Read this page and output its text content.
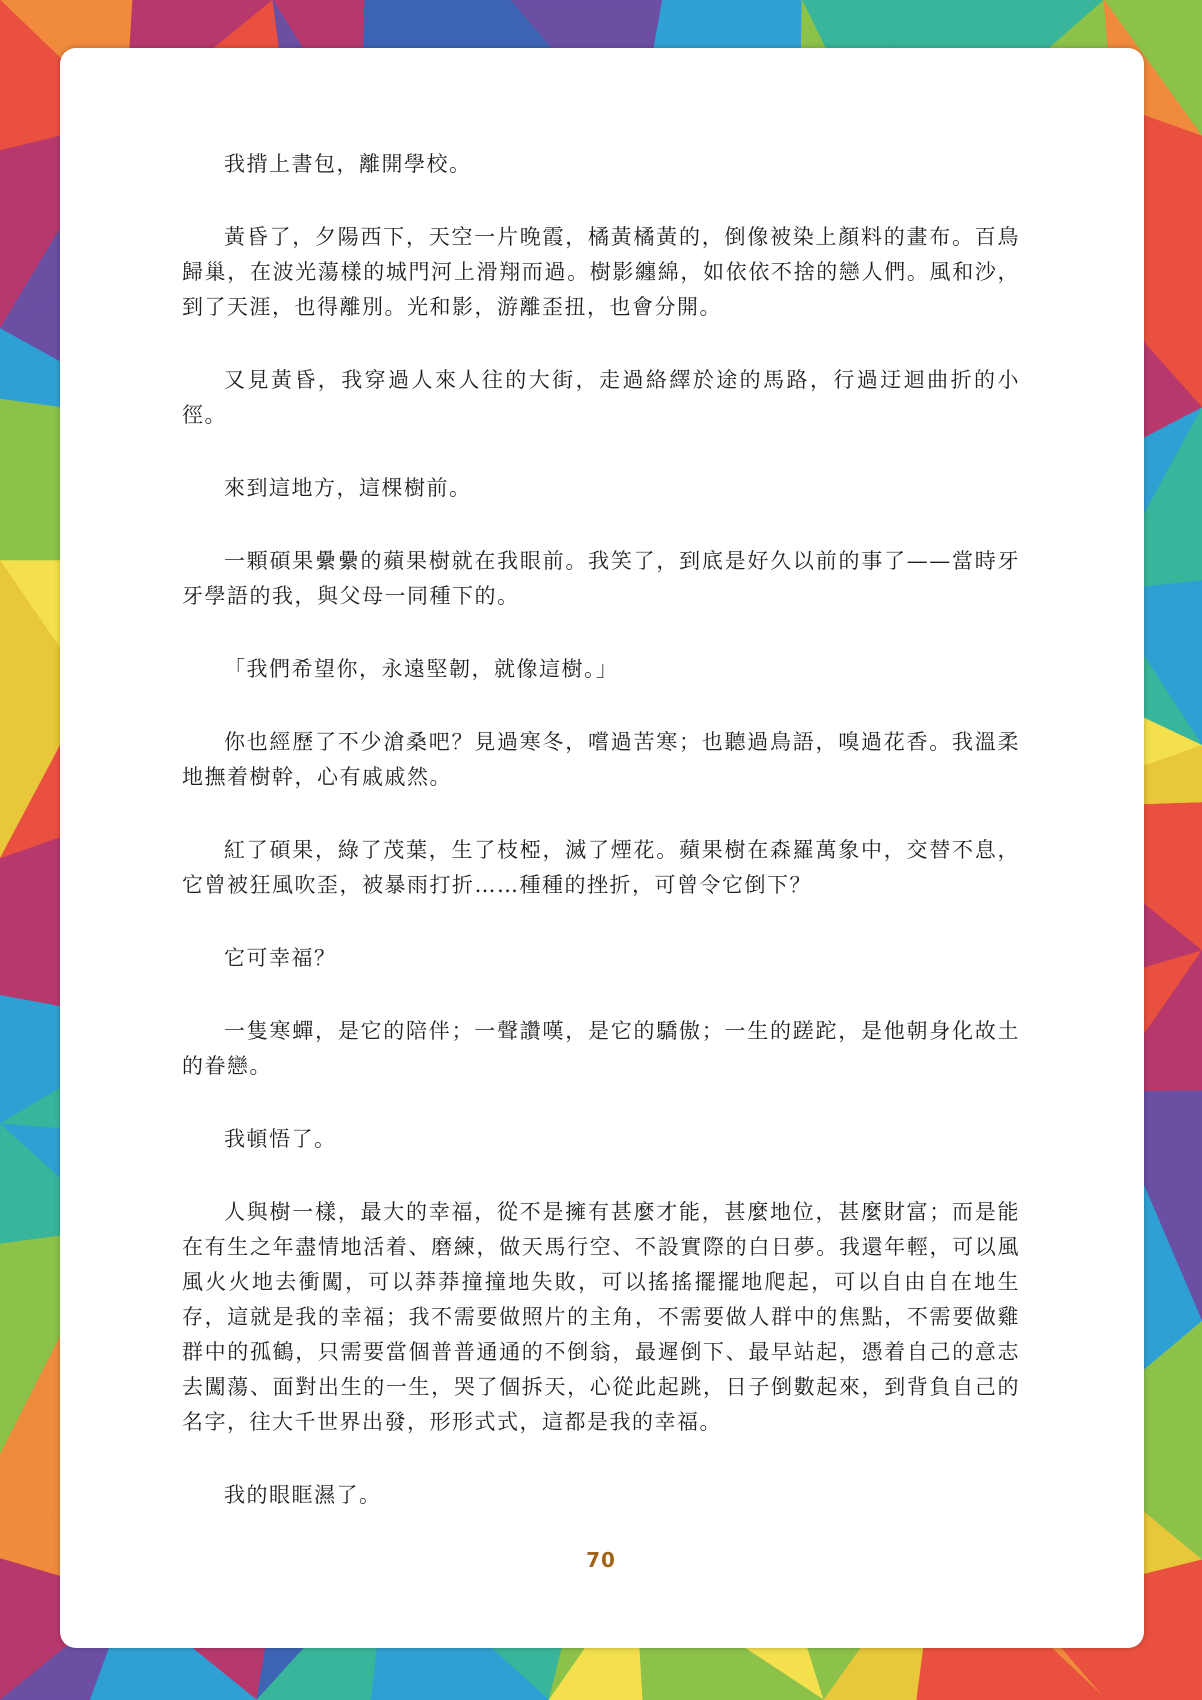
我揹上書包，離開學校。

黃昏了，夕陽西下，天空一片晚霞，橘黃橘黃的，倒像被染上顏料的畫布。百鳥歸巢，在波光蕩樣的城門河上滑翔而過。樹影纏綿，如依依不捨的戀人們。風和沙，到了天涯，也得離別。光和影，游離歪扭，也會分開。

又見黃昏，我穿過人來人往的大街，走過絡繹於途的馬路，行過迂迴曲折的小徑。

來到這地方，這棵樹前。

一顆碩果纍纍的蘋果樹就在我眼前。我笑了，到底是好久以前的事了——當時牙牙學語的我，與父母一同種下的。

「我們希望你，永遠堅韌，就像這樹。」

你也經歷了不少滄桑吧？見過寒冬，嚐過苦寒；也聽過鳥語，嗅過花香。我溫柔地撫着樹幹，心有戚戚然。

紅了碩果，綠了茂葉，生了枝椏，滅了煙花。蘋果樹在森羅萬象中，交替不息，它曾被狂風吹歪，被暴雨打折……種種的挫折，可曾令它倒下？

它可幸福？

一隻寒蟬，是它的陪伴；一聲讚嘆，是它的驕傲；一生的蹉跎，是他朝身化故土的眷戀。

我頓悟了。

人與樹一樣，最大的幸福，從不是擁有甚麼才能，甚麼地位，甚麼財富；而是能在有生之年盡情地活着、磨練，做天馬行空、不設實際的白日夢。我還年輕，可以風風火火地去衝闖，可以莽莽撞撞地失敗，可以搖搖擺擺地爬起，可以自由自在地生存，這就是我的幸福；我不需要做照片的主角，不需要做人群中的焦點，不需要做雞群中的孤鶴，只需要當個普普通通的不倒翁，最遲倒下、最早站起，憑着自己的意志去闖蕩、面對出生的一生，哭了個拆天，心從此起跳，日子倒數起來，到背負自己的名字，往大千世界出發，形形式式，這都是我的幸福。

我的眼眶濕了。

70
